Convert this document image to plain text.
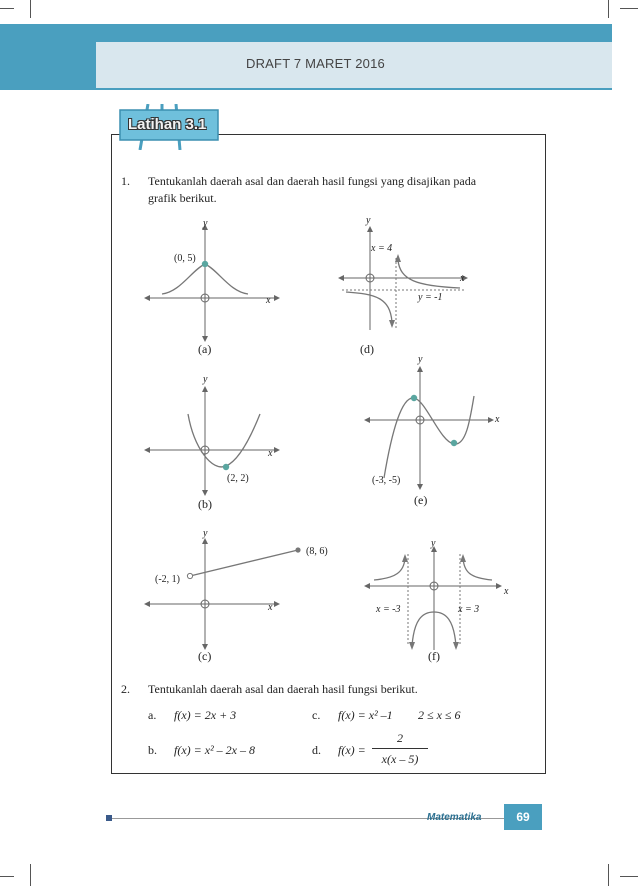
DRAFT 7 MARET 2016
Latihan 3.1
1. Tentukanlah daerah asal dan daerah hasil fungsi yang disajikan pada
grafik berikut.
y
x
(0, 5)
(a)
y
x
x = 4
y = -1
(d)
y
x
(2, 2)
(b)
y
x
(-3, -5)
(e)
y
x
(-2, 1)
(8, 6)
(c)
y
x
x = -3	x = 3
(f)
2. Tentukanlah daerah asal dan daerah hasil fungsi berikut.
a. f(x) = 2x + 3	c. f(x) = x² –1 2 ≤ x ≤ 6
b. f(x) = x² – 2x – 8	d. f(x) =
2
x(x – 5)
Matematika	69
